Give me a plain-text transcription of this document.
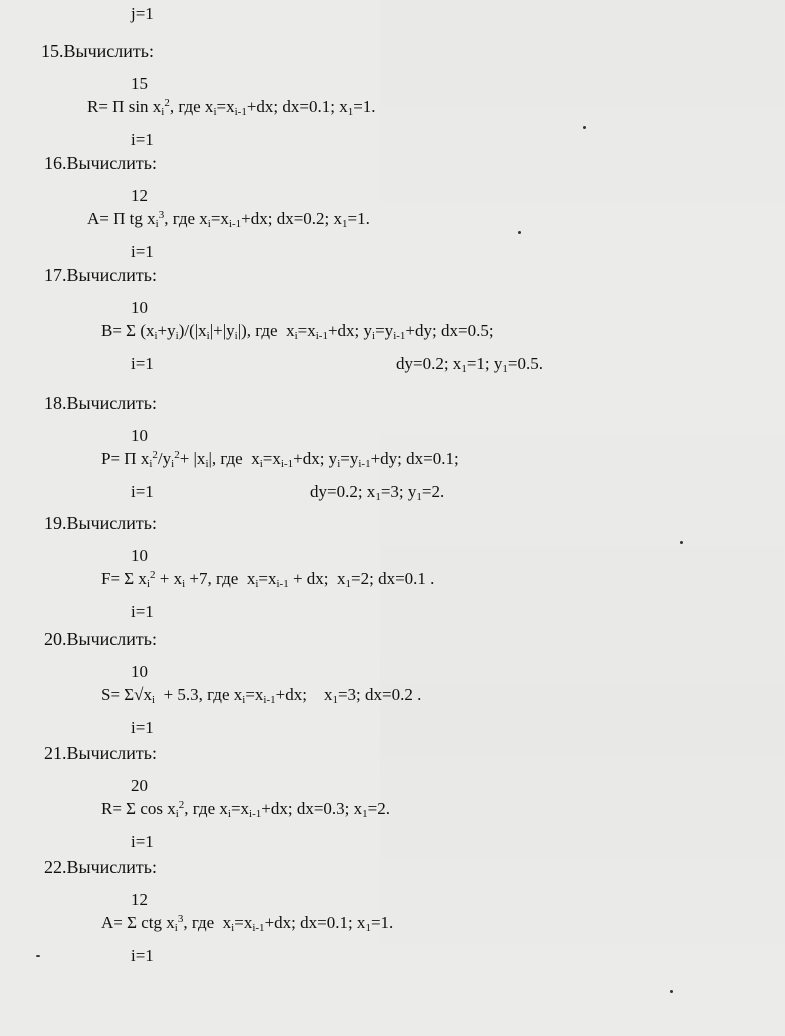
j=1
15.Вычислить:
15
R= Π $\sin x_i^2$, где $x_i=x_{i-1}+dx$; dx=0.1; $x_1=1$.
i=1
16.Вычислить:
12
A= Π tg $x_i^3$, где $x_i=x_{i-1}+dx$; dx=0.2; $x_1=1$.
i=1
17.Вычислить:
10
B= Σ $(x_i+y_i)/(|x_i|+|y_i|)$, где  $x_i=x_{i-1}+dx$; $y_i=y_{i-1}+dy$; dx=0.5;
i=1	dy=0.2; $x_1=1$; $y_1=0.5$.
18.Вычислить:
10
P= Π $x_i^2/y_i^2+ |x_i|$, где  $x_i=x_{i-1}+dx$; $y_i=y_{i-1}+dy$; dx=0.1;
i=1	dy=0.2; $x_1=3$; $y_1=2$.
19.Вычислить:
10
F= Σ $x_i^2 + x_i +7$, где  $x_i=x_{i-1}$ + dx;  $x_1=2$; dx=0.1 .
i=1
20.Вычислить:
10
$S= \Sigma√x_i + 5.3$, где $x_i=x_{i-1}+dx$;    $x_1=3$; dx=0.2 .
i=1
21.Вычислить:
20
R= Σ $\cos x_i^2$, где $x_i=x_{i-1}+dx$; dx=0.3; $x_1=2$.
i=1
22.Вычислить:
12
A= Σ ctg $x_i^3$, где  $x_i=x_{i-1}+dx$; dx=0.1; $x_1=1$.
i=1
